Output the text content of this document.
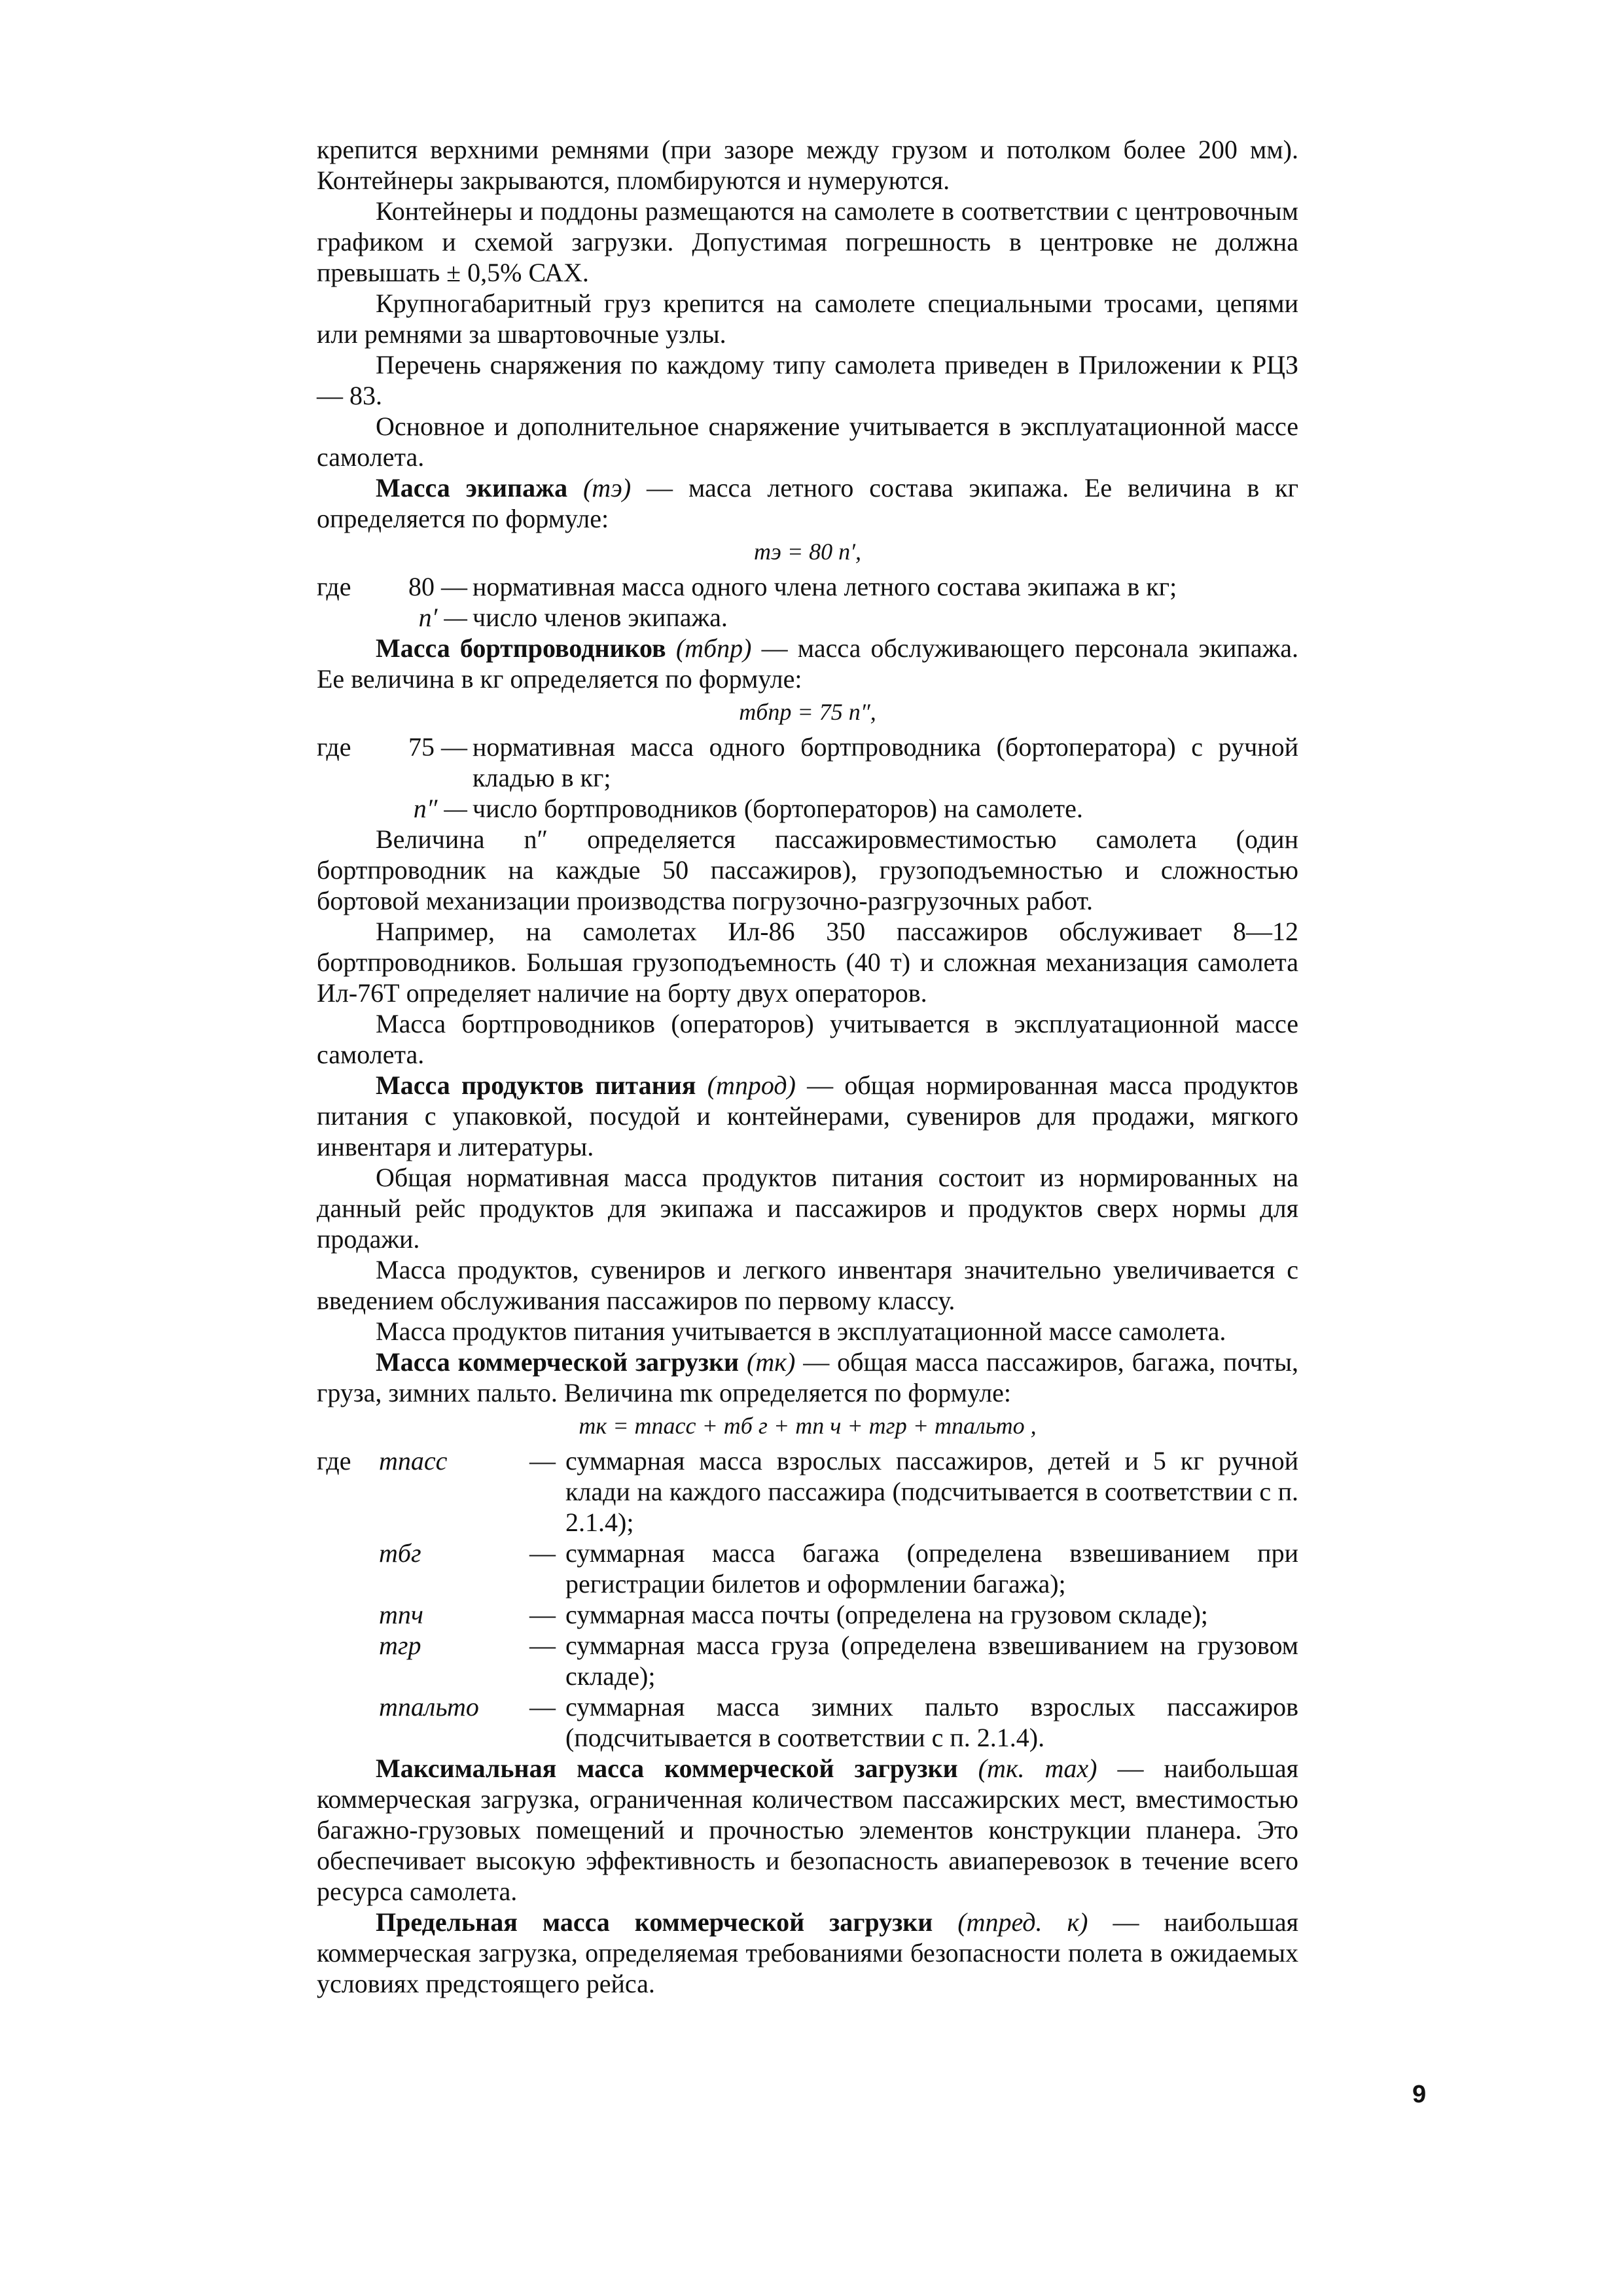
крепится верхними ремнями (при зазоре между грузом и потолком более 200 мм). Контейнеры закрываются, пломбируются и нумеруются.

Контейнеры и поддоны размещаются на самолете в соответствии с центровочным графиком и схемой загрузки. Допустимая погрешность в центровке не должна превышать ± 0,5% САХ.

Крупногабаритный груз крепится на самолете специальными тросами, цепями или ремнями за швартовочные узлы.

Перечень снаряжения по каждому типу самолета приведен в Приложении к РЦЗ — 83.

Основное и дополнительное снаряжение учитывается в эксплуатационной массе самолета.

Масса экипажа (mэ) — масса летного состава экипажа. Ее величина в кг определяется по формуле:

mэ = 80 n′,
где	80 — нормативная масса одного члена летного состава экипажа в кг;
n′ — число членов экипажа.

Масса бортпроводников (mбпр) — масса обслуживающего персонала экипажа. Ее величина в кг определяется по формуле:

mбпр = 75 n″,
где	75 — нормативная масса одного бортпроводника (бортоператора) с ручной кладью в кг;
n″ — число бортпроводников (бортоператоров) на самолете.

Величина n″ определяется пассажировместимостью самолета (один бортпроводник на каждые 50 пассажиров), грузоподъемностью и сложностью бортовой механизации производства погрузочно-разгрузочных работ.

Например, на самолетах Ил-86 350 пассажиров обслуживает 8—12 бортпроводников. Большая грузоподъемность (40 т) и сложная механизация самолета Ил-76Т определяет наличие на борту двух операторов.

Масса бортпроводников (операторов) учитывается в эксплуатационной массе самолета.

Масса продуктов питания (mпрод) — общая нормированная масса продуктов питания с упаковкой, посудой и контейнерами, сувениров для продажи, мягкого инвентаря и литературы.

Общая нормативная масса продуктов питания состоит из нормированных на данный рейс продуктов для экипажа и пассажиров и продуктов сверх нормы для продажи.

Масса продуктов, сувениров и легкого инвентаря значительно увеличивается с введением обслуживания пассажиров по первому классу.

Масса продуктов питания учитывается в эксплуатационной массе самолета.

Масса коммерческой загрузки (mк) — общая масса пассажиров, багажа, почты, груза, зимних пальто. Величина mк определяется по формуле:

mк = mпасс + mб г + mп ч + mгр + mпальто ,
где	mпасс	— суммарная масса взрослых пассажиров, детей и 5 кг ручной клади на каждого пассажира (подсчитывается в соответствии с п. 2.1.4);
mбг	— суммарная масса багажа (определена взвешиванием при регистрации билетов и оформлении багажа);
mпч	— суммарная масса почты (определена на грузовом складе);
mгр	— суммарная масса груза (определена взвешиванием на грузовом складе);
mпальто	— суммарная масса зимних пальто взрослых пассажиров (подсчитывается в соответствии с п. 2.1.4).

Максимальная масса коммерческой загрузки (mк. max) — наибольшая коммерческая загрузка, ограниченная количеством пассажирских мест, вместимостью багажно-грузовых помещений и прочностью элементов конструкции планера. Это обеспечивает высокую эффективность и безопасность авиаперевозок в течение всего ресурса самолета.

Предельная масса коммерческой загрузки (mпред. к) — наибольшая коммерческая загрузка, определяемая требованиями безопасности полета в ожидаемых условиях предстоящего рейса.

9
